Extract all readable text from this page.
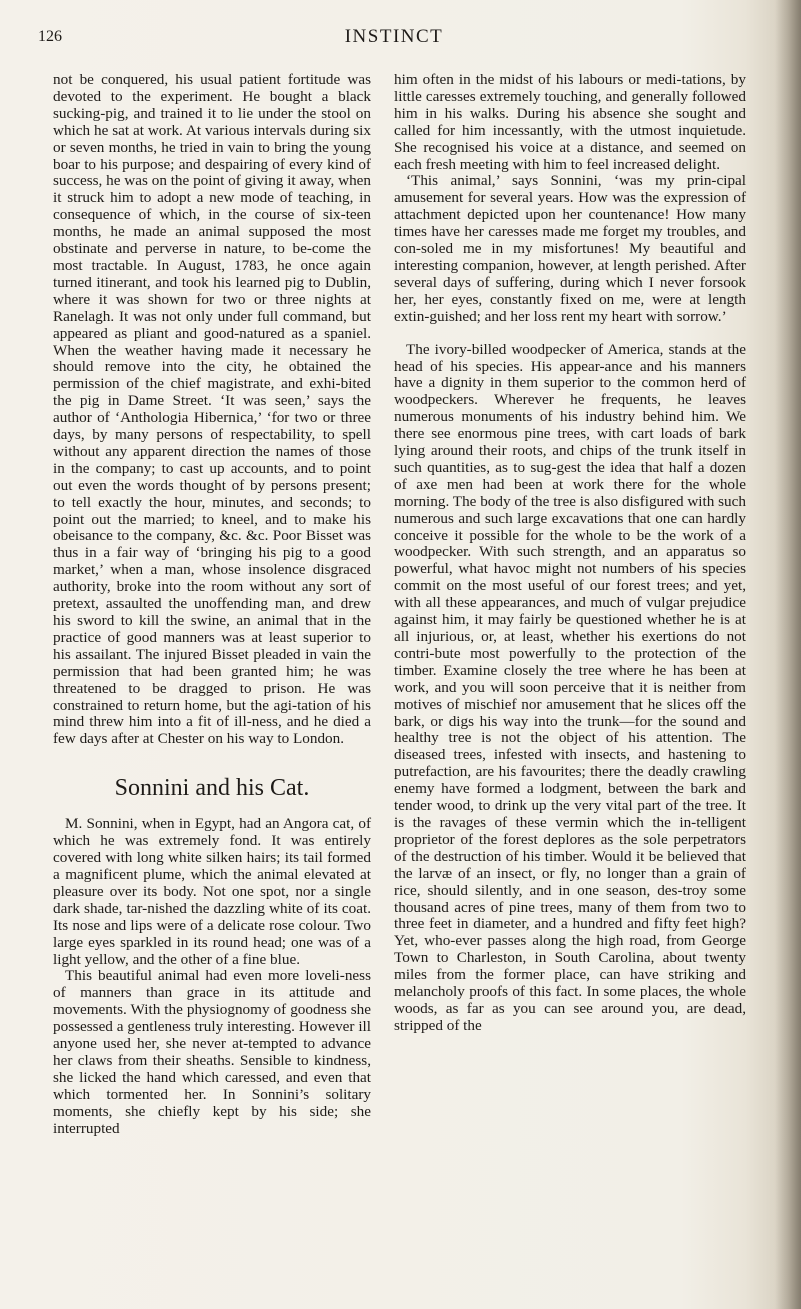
126	INSTINCT

not be conquered, his usual patient fortitude was devoted to the experiment. He bought a black sucking-pig, and trained it to lie under the stool on which he sat at work. At various intervals during six or seven months, he tried in vain to bring the young boar to his purpose; and despairing of every kind of success, he was on the point of giving it away, when it struck him to adopt a new mode of teaching, in consequence of which, in the course of six-teen months, he made an animal supposed the most obstinate and perverse in nature, to be-come the most tractable. In August, 1783, he once again turned itinerant, and took his learned pig to Dublin, where it was shown for two or three nights at Ranelagh. It was not only under full command, but appeared as pliant and good-natured as a spaniel. When the weather having made it necessary he should remove into the city, he obtained the permission of the chief magistrate, and exhi-bited the pig in Dame Street. ‘It was seen,’ says the author of ‘Anthologia Hibernica,’ ‘for two or three days, by many persons of respectability, to spell without any apparent direction the names of those in the company; to cast up accounts, and to point out even the words thought of by persons present; to tell exactly the hour, minutes, and seconds; to point out the married; to kneel, and to make his obeisance to the company, &c. &c. Poor Bisset was thus in a fair way of ‘bringing his pig to a good market,’ when a man, whose insolence disgraced authority, broke into the room without any sort of pretext, assaulted the unoffending man, and drew his sword to kill the swine, an animal that in the practice of good manners was at least superior to his assailant. The injured Bisset pleaded in vain the permission that had been granted him; he was threatened to be dragged to prison. He was constrained to return home, but the agi-tation of his mind threw him into a fit of ill-ness, and he died a few days after at Chester on his way to London.

Sonnini and his Cat.

M. Sonnini, when in Egypt, had an Angora cat, of which he was extremely fond. It was entirely covered with long white silken hairs; its tail formed a magnificent plume, which the animal elevated at pleasure over its body. Not one spot, nor a single dark shade, tar-nished the dazzling white of its coat. Its nose and lips were of a delicate rose colour. Two large eyes sparkled in its round head; one was of a light yellow, and the other of a fine blue.

This beautiful animal had even more loveli-ness of manners than grace in its attitude and movements. With the physiognomy of goodness she possessed a gentleness truly interesting. However ill anyone used her, she never at-tempted to advance her claws from their sheaths. Sensible to kindness, she licked the hand which caressed, and even that which tormented her. In Sonnini’s solitary moments, she chiefly kept by his side; she interrupted

him often in the midst of his labours or medi-tations, by little caresses extremely touching, and generally followed him in his walks. During his absence she sought and called for him incessantly, with the utmost inquietude. She recognised his voice at a distance, and seemed on each fresh meeting with him to feel increased delight.

‘This animal,’ says Sonnini, ‘was my prin-cipal amusement for several years. How was the expression of attachment depicted upon her countenance! How many times have her caresses made me forget my troubles, and con-soled me in my misfortunes! My beautiful and interesting companion, however, at length perished. After several days of suffering, during which I never forsook her, her eyes, constantly fixed on me, were at length extin-guished; and her loss rent my heart with sorrow.’

The ivory-billed woodpecker of America, stands at the head of his species. His appear-ance and his manners have a dignity in them superior to the common herd of woodpeckers. Wherever he frequents, he leaves numerous monuments of his industry behind him. We there see enormous pine trees, with cart loads of bark lying around their roots, and chips of the trunk itself in such quantities, as to sug-gest the idea that half a dozen of axe men had been at work there for the whole morning. The body of the tree is also disfigured with such numerous and such large excavations that one can hardly conceive it possible for the whole to be the work of a woodpecker. With such strength, and an apparatus so powerful, what havoc might not numbers of his species commit on the most useful of our forest trees; and yet, with all these appearances, and much of vulgar prejudice against him, it may fairly be questioned whether he is at all injurious, or, at least, whether his exertions do not contri-bute most powerfully to the protection of the timber. Examine closely the tree where he has been at work, and you will soon perceive that it is neither from motives of mischief nor amusement that he slices off the bark, or digs his way into the trunk—for the sound and healthy tree is not the object of his attention. The diseased trees, infested with insects, and hastening to putrefaction, are his favourites; there the deadly crawling enemy have formed a lodgment, between the bark and tender wood, to drink up the very vital part of the tree. It is the ravages of these vermin which the in-telligent proprietor of the forest deplores as the sole perpetrators of the destruction of his timber. Would it be believed that the larvæ of an insect, or fly, no longer than a grain of rice, should silently, and in one season, des-troy some thousand acres of pine trees, many of them from two to three feet in diameter, and a hundred and fifty feet high? Yet, who-ever passes along the high road, from George Town to Charleston, in South Carolina, about twenty miles from the former place, can have striking and melancholy proofs of this fact. In some places, the whole woods, as far as you can see around you, are dead, stripped of the
